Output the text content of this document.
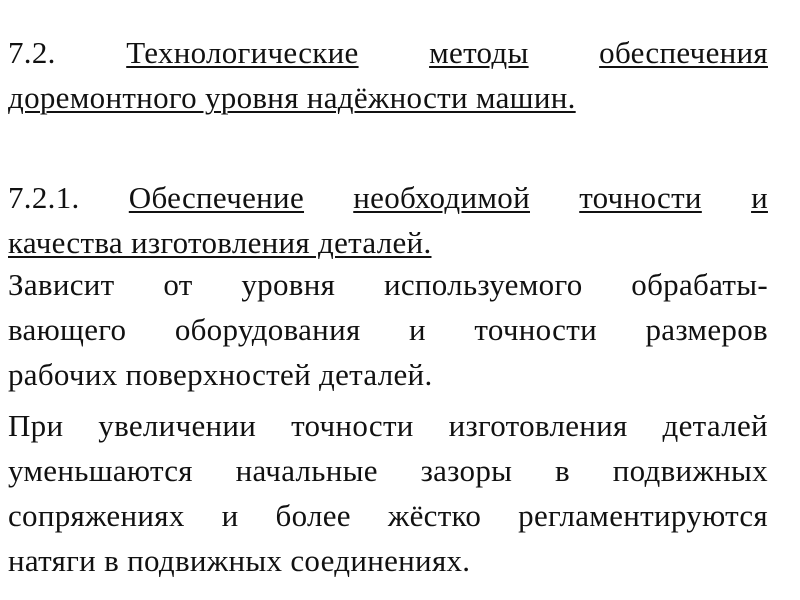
7.2. Технологические методы обеспечения
доремонтного уровня надёжности машин.
7.2.1. Обеспечение необходимой точности и
качества изготовления деталей.
Зависит от уровня используемого обрабаты-
вающего оборудования и точности размеров
рабочих поверхностей деталей.
При увеличении точности изготовления деталей
уменьшаются начальные зазоры в подвижных
сопряжениях и более жёстко регламентируются
натяги в подвижных соединениях.
